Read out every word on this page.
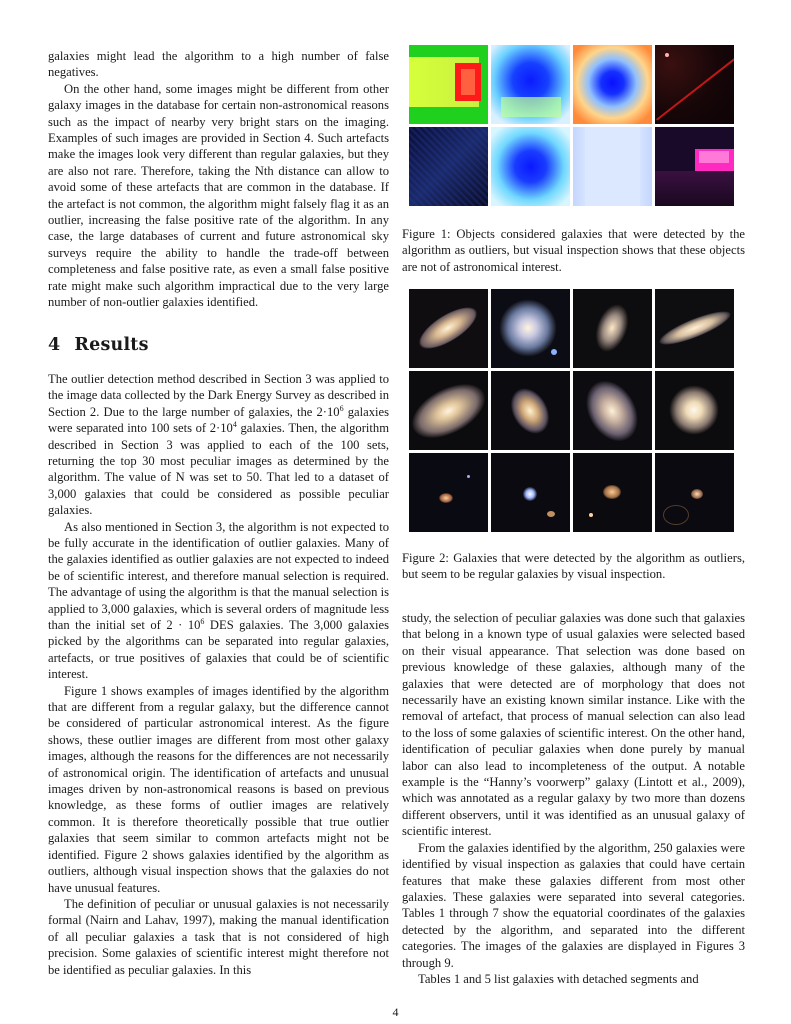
galaxies might lead the algorithm to a high number of false negatives.

On the other hand, some images might be different from other galaxy images in the database for certain non-astronomical reasons such as the impact of nearby very bright stars on the imaging. Examples of such images are provided in Section 4. Such artefacts make the images look very different than regular galaxies, but they are also not rare. Therefore, taking the Nth distance can allow to avoid some of these artefacts that are common in the database. If the artefact is not common, the algorithm might falsely flag it as an outlier, increasing the false positive rate of the algorithm. In any case, the large databases of current and future astronomical sky surveys require the ability to handle the trade-off between completeness and false positive rate, as even a small false positive rate might make such algorithm impractical due to the very large number of non-outlier galaxies identified.

4 Results

The outlier detection method described in Section 3 was applied to the image data collected by the Dark Energy Survey as described in Section 2. Due to the large number of galaxies, the $2\cdot 10^6$ galaxies were separated into 100 sets of $2\cdot 10^4$ galaxies. Then, the algorithm described in Section 3 was applied to each of the 100 sets, returning the top 30 most peculiar images as determined by the algorithm. The value of N was set to 50. That led to a dataset of 3,000 galaxies that could be considered as possible peculiar galaxies.

As also mentioned in Section 3, the algorithm is not expected to be fully accurate in the identification of outlier galaxies. Many of the galaxies identified as outlier galaxies are not expected to indeed be of scientific interest, and therefore manual selection is required. The advantage of using the algorithm is that the manual selection is applied to 3,000 galaxies, which is several orders of magnitude less than the initial set of $2 \cdot 10^6$ DES galaxies. The 3,000 galaxies picked by the algorithms can be separated into regular galaxies, artefacts, or true positives of galaxies that could be of scientific interest.

Figure 1 shows examples of images identified by the algorithm that are different from a regular galaxy, but the difference cannot be considered of particular astronomical interest. As the figure shows, these outlier images are different from most other galaxy images, although the reasons for the differences are not necessarily of astronomical origin. The identification of artefacts and unusual images driven by non-astronomical reasons is based on previous knowledge, as these forms of outlier images are relatively common. It is therefore theoretically possible that true outlier galaxies that seem similar to common artefacts might not be identified. Figure 2 shows galaxies identified by the algorithm as outliers, although visual inspection shows that the galaxies do not have unusual features.

The definition of peculiar or unusual galaxies is not necessarily formal (Nairn and Lahav, 1997), making the manual identification of all peculiar galaxies a task that is not considered of high precision. Some galaxies of scientific interest might therefore not be identified as peculiar galaxies. In this

Figure 1: Objects considered galaxies that were detected by the algorithm as outliers, but visual inspection shows that these objects are not of astronomical interest.
Figure 2: Galaxies that were detected by the algorithm as outliers, but seem to be regular galaxies by visual inspection.

study, the selection of peculiar galaxies was done such that galaxies that belong in a known type of usual galaxies were selected based on their visual appearance. That selection was done based on previous knowledge of these galaxies, although many of the galaxies that were detected are of morphology that does not necessarily have an existing known similar instance. Like with the removal of artefact, that process of manual selection can also lead to the loss of some galaxies of scientific interest. On the other hand, identification of peculiar galaxies when done purely by manual labor can also lead to incompleteness of the output. A notable example is the “Hanny’s voorwerp” galaxy (Lintott et al., 2009), which was annotated as a regular galaxy by two more than dozens different observers, until it was identified as an unusual galaxy of scientific interest.

From the galaxies identified by the algorithm, 250 galaxies were identified by visual inspection as galaxies that could have certain features that make these galaxies different from most other galaxies. These galaxies were separated into several categories. Tables 1 through 7 show the equatorial coordinates of the galaxies detected by the algorithm, and separated into the different categories. The images of the galaxies are displayed in Figures 3 through 9.

Tables 1 and 5 list galaxies with detached segments and

4
